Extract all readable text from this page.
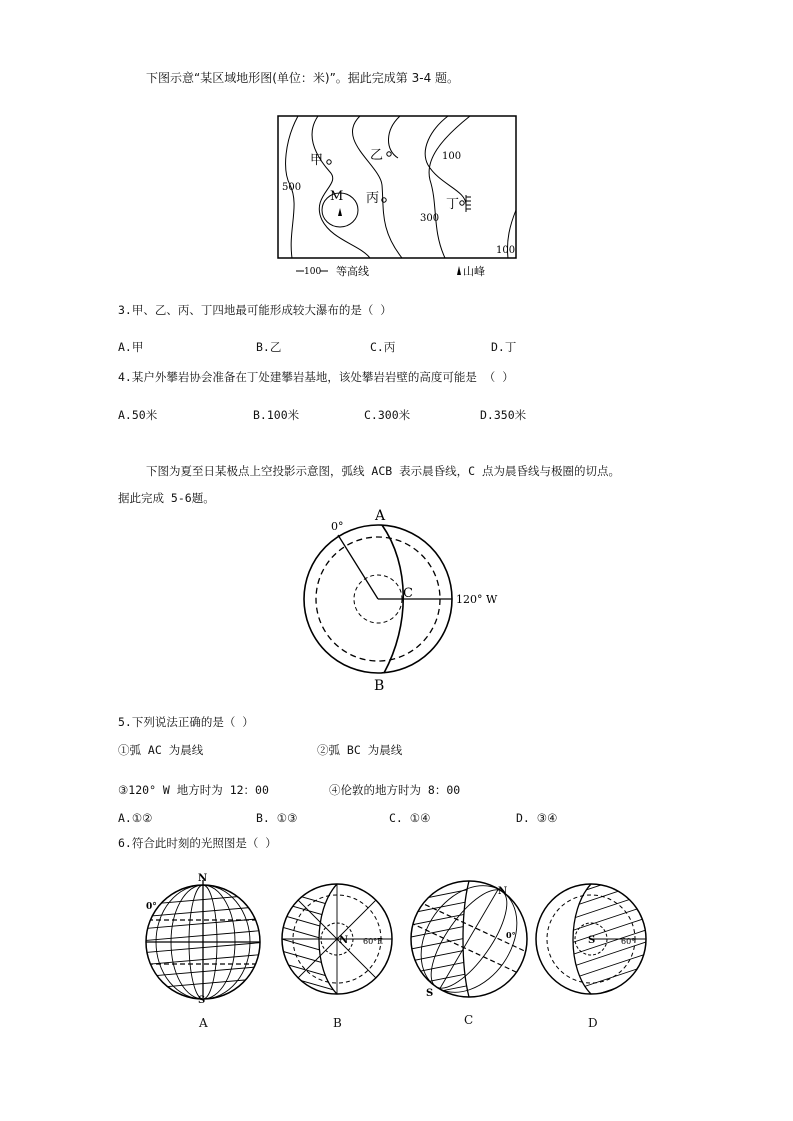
下图示意“某区域地形图(单位：米)”。据此完成第 3-4 题。
甲	乙
丙	丁
M
100
500
300
100
100 等高线	山峰
3.甲、乙、丙、丁四地最可能形成较大瀑布的是（ ）
A.甲	B.乙	C.丙	D.丁
4.某户外攀岩协会准备在丁处建攀岩基地，该处攀岩岩壁的高度可能是 （ ）
A.50米	B.100米	C.300米	D.350米
下图为夏至日某极点上空投影示意图，弧线 ACB 表示晨昏线，C 点为晨昏线与极圈的切点。
据此完成 5-6题。
0°
A
B
C	120° W
5.下列说法正确的是（ ）
①弧 AC 为晨线	②弧 BC 为晨线
③120° W 地方时为 12：00	④伦敦的地方时为 8：00
A.①②	B. ①③	C. ①④	D. ③④
6.符合此时刻的光照图是（ ）
N
S
0°
A
N 60°E
B
N
S
0°
C
S	60°
D
